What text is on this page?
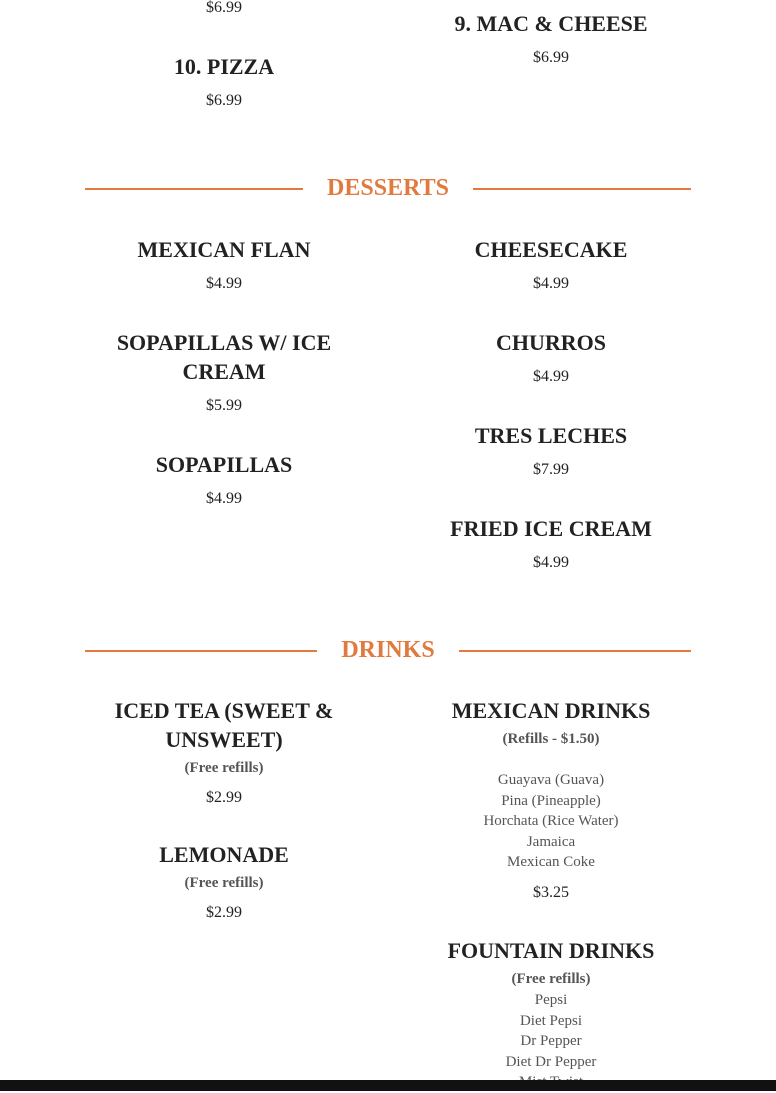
$6.99
9. MAC & CHEESE
$6.99
10. PIZZA
$6.99
DESSERTS
MEXICAN FLAN
$4.99
CHEESECAKE
$4.99
SOPAPILLAS W/ ICE CREAM
$5.99
CHURROS
$4.99
TRES LECHES
$7.99
SOPAPILLAS
$4.99
FRIED ICE CREAM
$4.99
DRINKS
ICED TEA (SWEET & UNSWEET)
(Free refills)
$2.99
LEMONADE
(Free refills)
$2.99
MEXICAN DRINKS
(Refills - $1.50)
Guayava (Guava)
Pina (Pineapple)
Horchata (Rice Water)
Jamaica
Mexican Coke
$3.25
FOUNTAIN DRINKS
(Free refills)
Pepsi
Diet Pepsi
Dr Pepper
Diet Dr Pepper
